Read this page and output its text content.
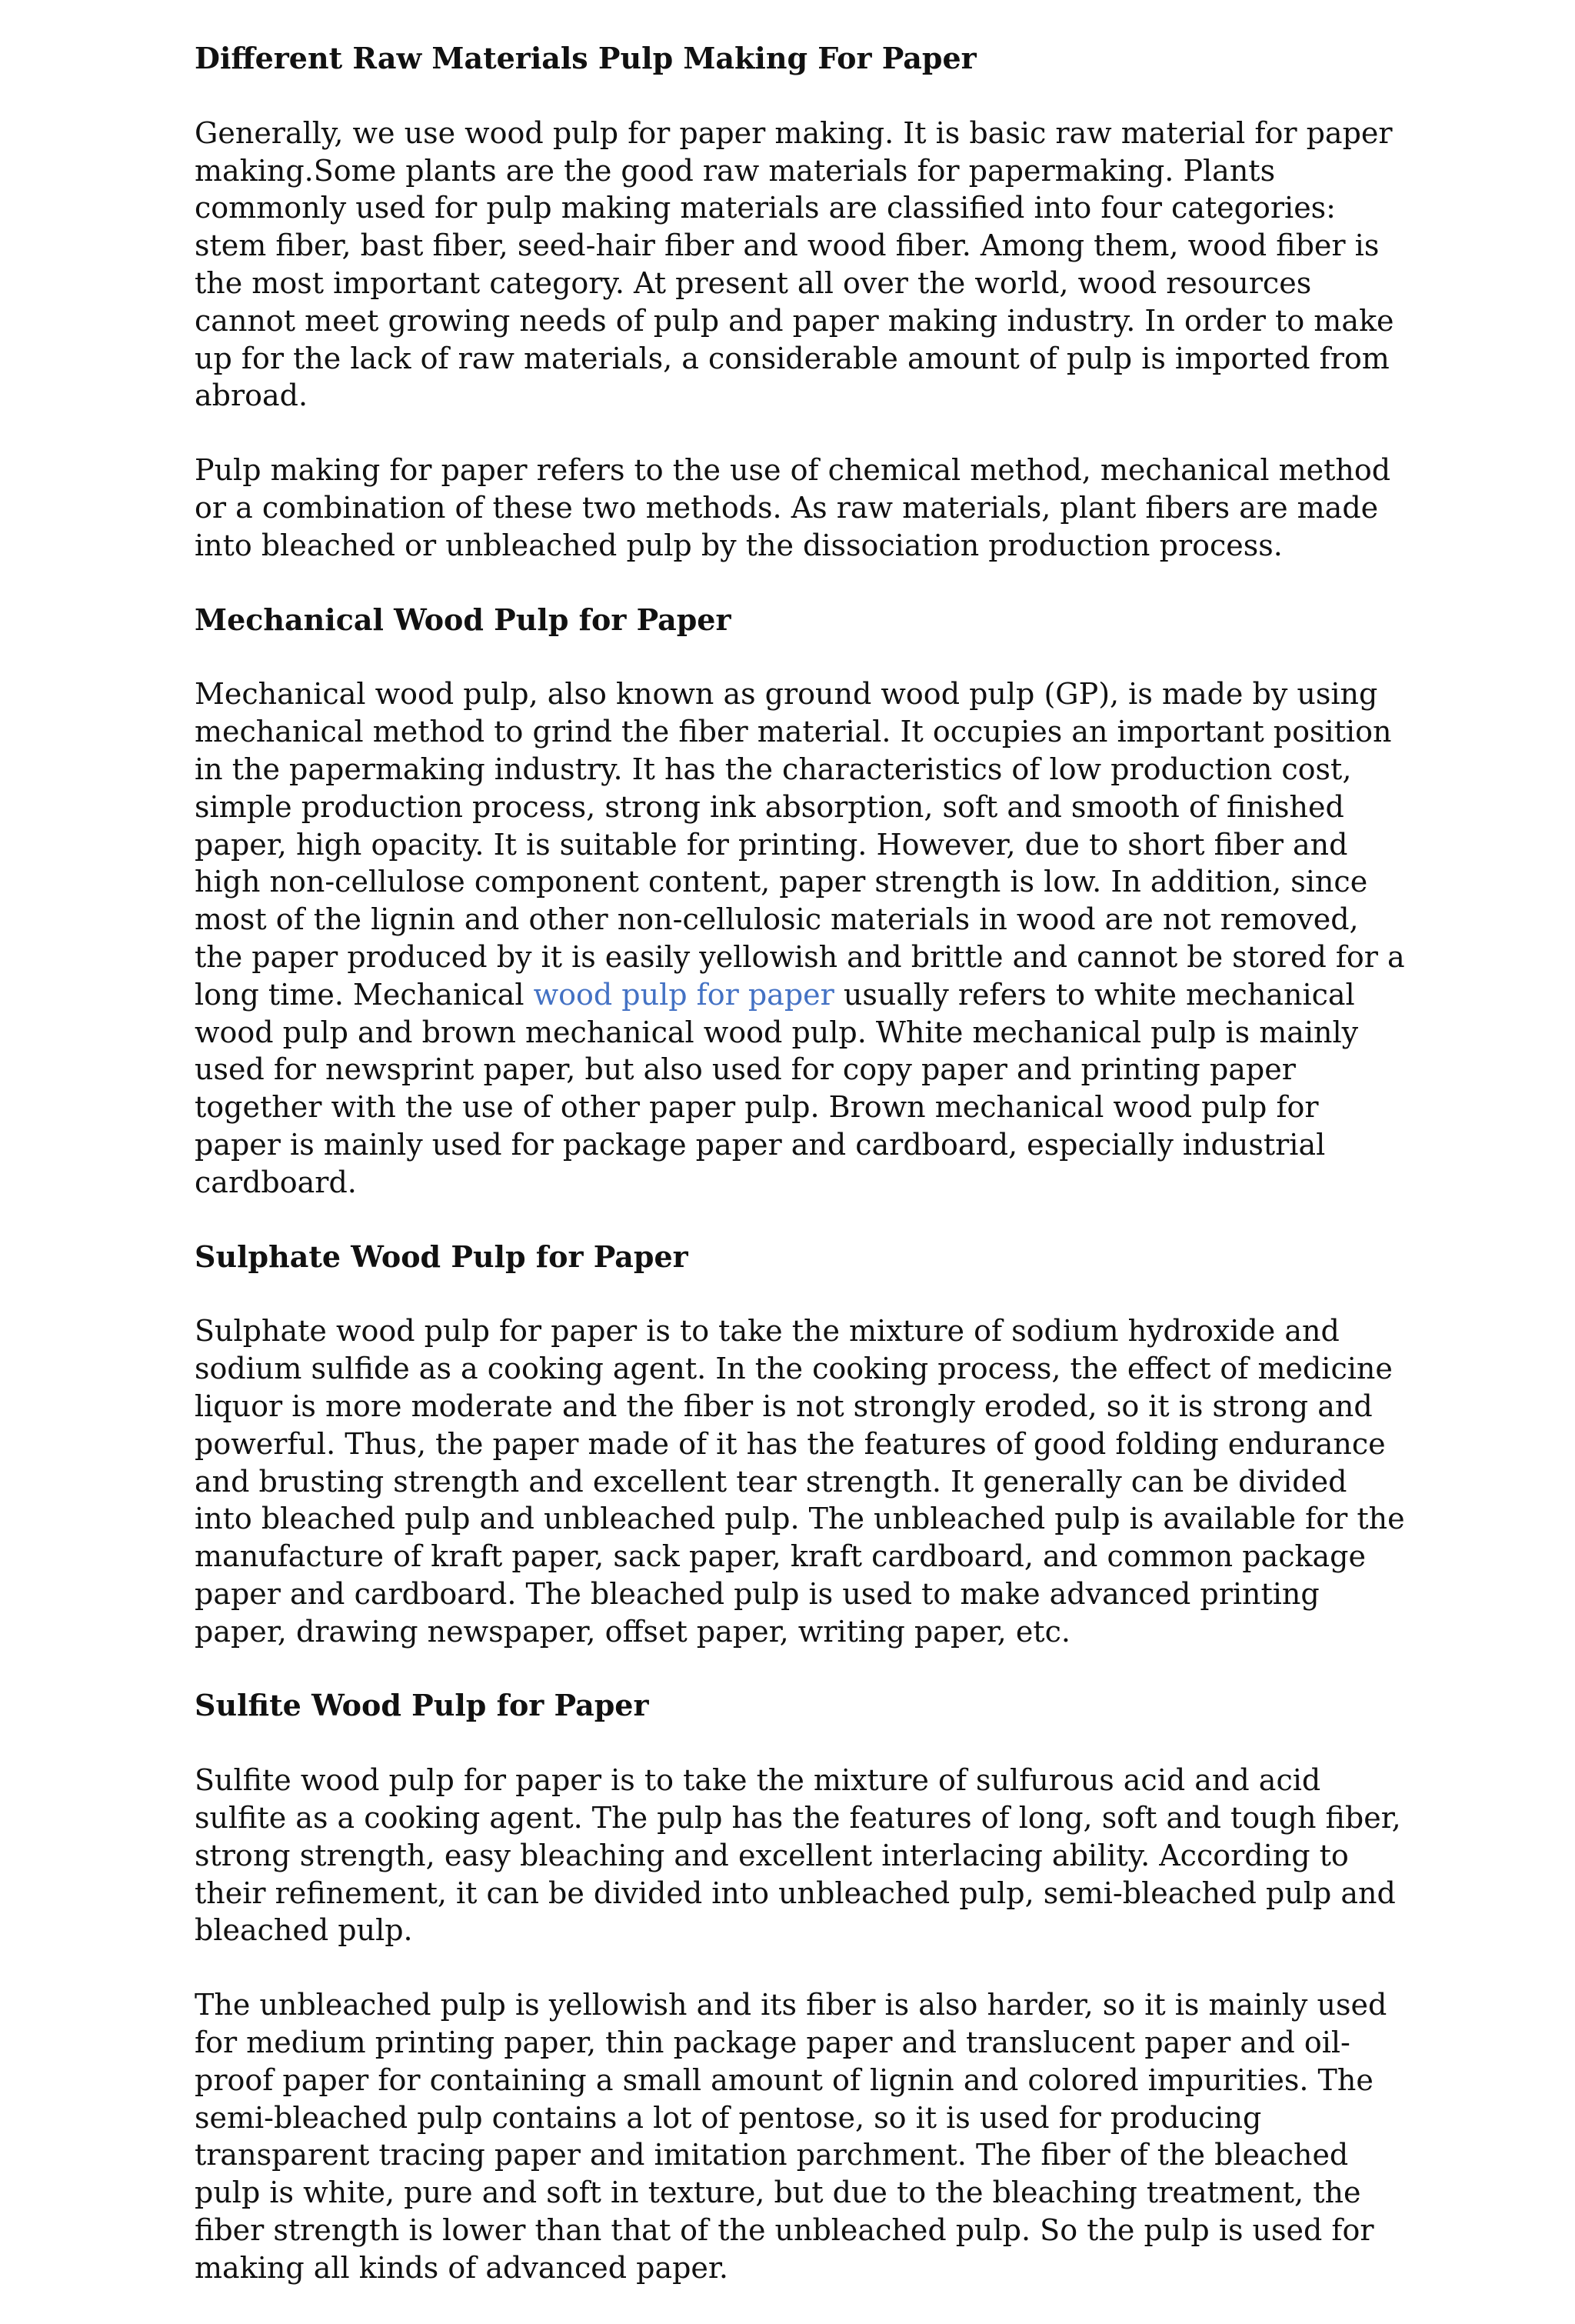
Different Raw Materials Pulp Making For Paper

Generally, we use wood pulp for paper making. It is basic raw material for paper making.Some plants are the good raw materials for papermaking. Plants commonly used for pulp making materials are classified into four categories: stem fiber, bast fiber, seed-hair fiber and wood fiber. Among them, wood fiber is the most important category. At present all over the world, wood resources cannot meet growing needs of pulp and paper making industry. In order to make up for the lack of raw materials, a considerable amount of pulp is imported from abroad.

Pulp making for paper refers to the use of chemical method, mechanical method or a combination of these two methods. As raw materials, plant fibers are made into bleached or unbleached pulp by the dissociation production process.

Mechanical Wood Pulp for Paper

Mechanical wood pulp, also known as ground wood pulp (GP), is made by using mechanical method to grind the fiber material. It occupies an important position in the papermaking industry. It has the characteristics of low production cost, simple production process, strong ink absorption, soft and smooth of finished paper, high opacity. It is suitable for printing. However, due to short fiber and high non-cellulose component content, paper strength is low. In addition, since most of the lignin and other non-cellulosic materials in wood are not removed, the paper produced by it is easily yellowish and brittle and cannot be stored for a long time. Mechanical wood pulp for paper usually refers to white mechanical wood pulp and brown mechanical wood pulp. White mechanical pulp is mainly used for newsprint paper, but also used for copy paper and printing paper together with the use of other paper pulp. Brown mechanical wood pulp for paper is mainly used for package paper and cardboard, especially industrial cardboard.

Sulphate Wood Pulp for Paper

Sulphate wood pulp for paper is to take the mixture of sodium hydroxide and sodium sulfide as a cooking agent. In the cooking process, the effect of medicine liquor is more moderate and the fiber is not strongly eroded, so it is strong and powerful. Thus, the paper made of it has the features of good folding endurance and brusting strength and excellent tear strength. It generally can be divided into bleached pulp and unbleached pulp. The unbleached pulp is available for the manufacture of kraft paper, sack paper, kraft cardboard, and common package paper and cardboard. The bleached pulp is used to make advanced printing paper, drawing newspaper, offset paper, writing paper, etc.

Sulfite Wood Pulp for Paper

Sulfite wood pulp for paper is to take the mixture of sulfurous acid and acid sulfite as a cooking agent. The pulp has the features of long, soft and tough fiber, strong strength, easy bleaching and excellent interlacing ability. According to their refinement, it can be divided into unbleached pulp, semi-bleached pulp and bleached pulp.

The unbleached pulp is yellowish and its fiber is also harder, so it is mainly used for medium printing paper, thin package paper and translucent paper and oil-proof paper for containing a small amount of lignin and colored impurities. The semi-bleached pulp contains a lot of pentose, so it is used for producing transparent tracing paper and imitation parchment. The fiber of the bleached pulp is white, pure and soft in texture, but due to the bleaching treatment, the fiber strength is lower than that of the unbleached pulp. So the pulp is used for making all kinds of advanced paper.
